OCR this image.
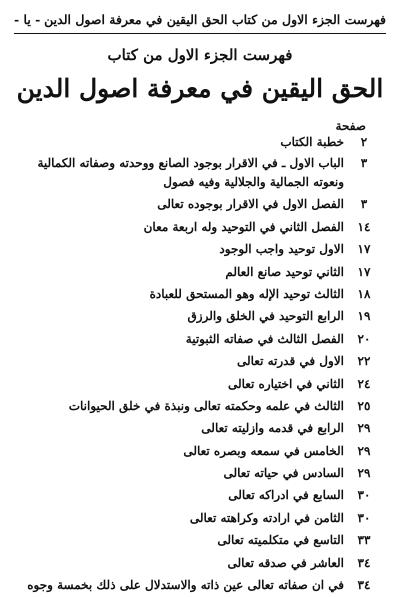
فهرست الجزء الاول من كتاب الحق اليقين في معرفة اصول الدين
- يا -
فهرست الجزء الاول من كتاب
الحق اليقين في معرفة اصول الدين
صفحة
٢
خطبة الكتاب
٣
الباب الاول ـ في الاقرار بوجود الصانع ووحدته وصفاته الكمالية ونعوته الجمالية والجلالية وفيه فصول
٣
الفصل الاول في الاقرار بوجوده تعالى
١٤
الفصل الثاني في التوحيد وله اربعة معان
١٧
الاول توحيد واجب الوجود
١٧
الثاني توحيد صانع العالم
١٨
الثالث توحيد الإله وهو المستحق للعبادة
١٩
الرابع التوحيد في الخلق والرزق
٢٠
الفصل الثالث في صفاته الثبوتية
٢٢
الاول في قدرته تعالى
٢٤
الثاني في اختياره تعالى
٢٥
الثالث في علمه وحكمته تعالى ونبذة في خلق الحيوانات
٢٩
الرابع في قدمه وازليته تعالى
٢٩
الخامس في سمعه وبصره تعالى
٢٩
السادس في حياته تعالى
٣٠
السابع في ادراكه تعالى
٣٠
الثامن في ارادته وكراهته تعالى
٣٣
التاسع في متكلميته تعالى
٣٤
العاشر في صدقه تعالى
٣٤
في ان صفاته تعالى عين ذاته والاستدلال على ذلك بخمسة وجوه
